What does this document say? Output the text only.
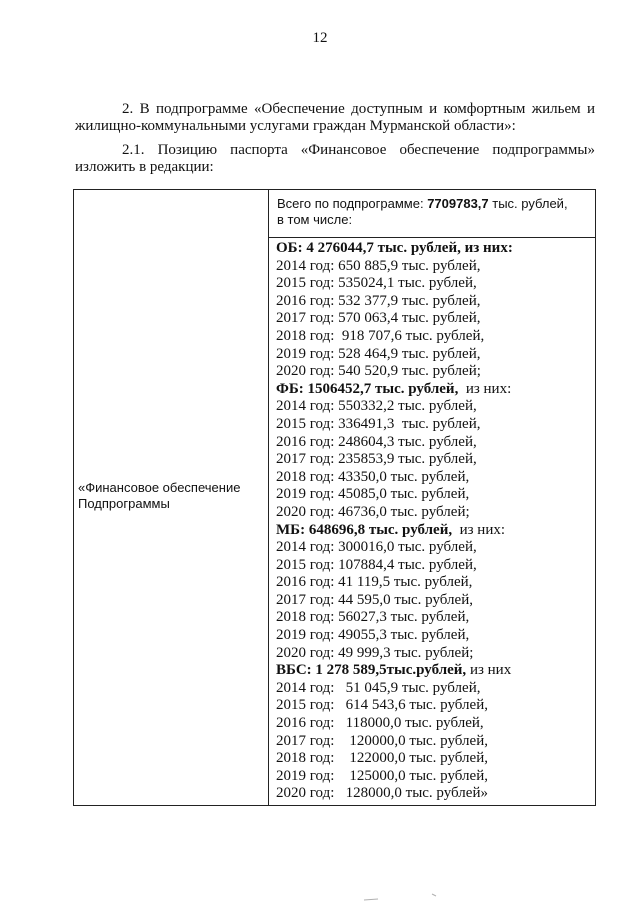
12
2. В подпрограмме «Обеспечение доступным и комфортным жильем и
жилищно-коммунальными услугами граждан Мурманской области»:
2.1. Позицию паспорта «Финансовое обеспечение подпрограммы»
изложить в редакции:
«Финансовое обеспечение
Подпрограммы

Всего по подпрограмме: 7709783,7 тыс. рублей,
в том числе:

ОБ: 4 276044,7 тыс. рублей, из них:
2014 год: 650 885,9 тыс. рублей,
2015 год: 535024,1 тыс. рублей,
2016 год: 532 377,9 тыс. рублей,
2017 год: 570 063,4 тыс. рублей,
2018 год:  918 707,6 тыс. рублей,
2019 год: 528 464,9 тыс. рублей,
2020 год: 540 520,9 тыс. рублей;
ФБ: 1506452,7 тыс. рублей,  из них:
2014 год: 550332,2 тыс. рублей,
2015 год: 336491,3  тыс. рублей,
2016 год: 248604,3 тыс. рублей,
2017 год: 235853,9 тыс. рублей,
2018 год: 43350,0 тыс. рублей,
2019 год: 45085,0 тыс. рублей,
2020 год: 46736,0 тыс. рублей;
МБ: 648696,8 тыс. рублей,  из них:
2014 год: 300016,0 тыс. рублей,
2015 год: 107884,4 тыс. рублей,
2016 год: 41 119,5 тыс. рублей,
2017 год: 44 595,0 тыс. рублей,
2018 год: 56027,3 тыс. рублей,
2019 год: 49055,3 тыс. рублей,
2020 год: 49 999,3 тыс. рублей;
ВБС: 1 278 589,5тыс.рублей, из них
2014 год:   51 045,9 тыс. рублей,
2015 год:   614 543,6 тыс. рублей,
2016 год:   118000,0 тыс. рублей,
2017 год:    120000,0 тыс. рублей,
2018 год:    122000,0 тыс. рублей,
2019 год:    125000,0 тыс. рублей,
2020 год:   128000,0 тыс. рублей»
